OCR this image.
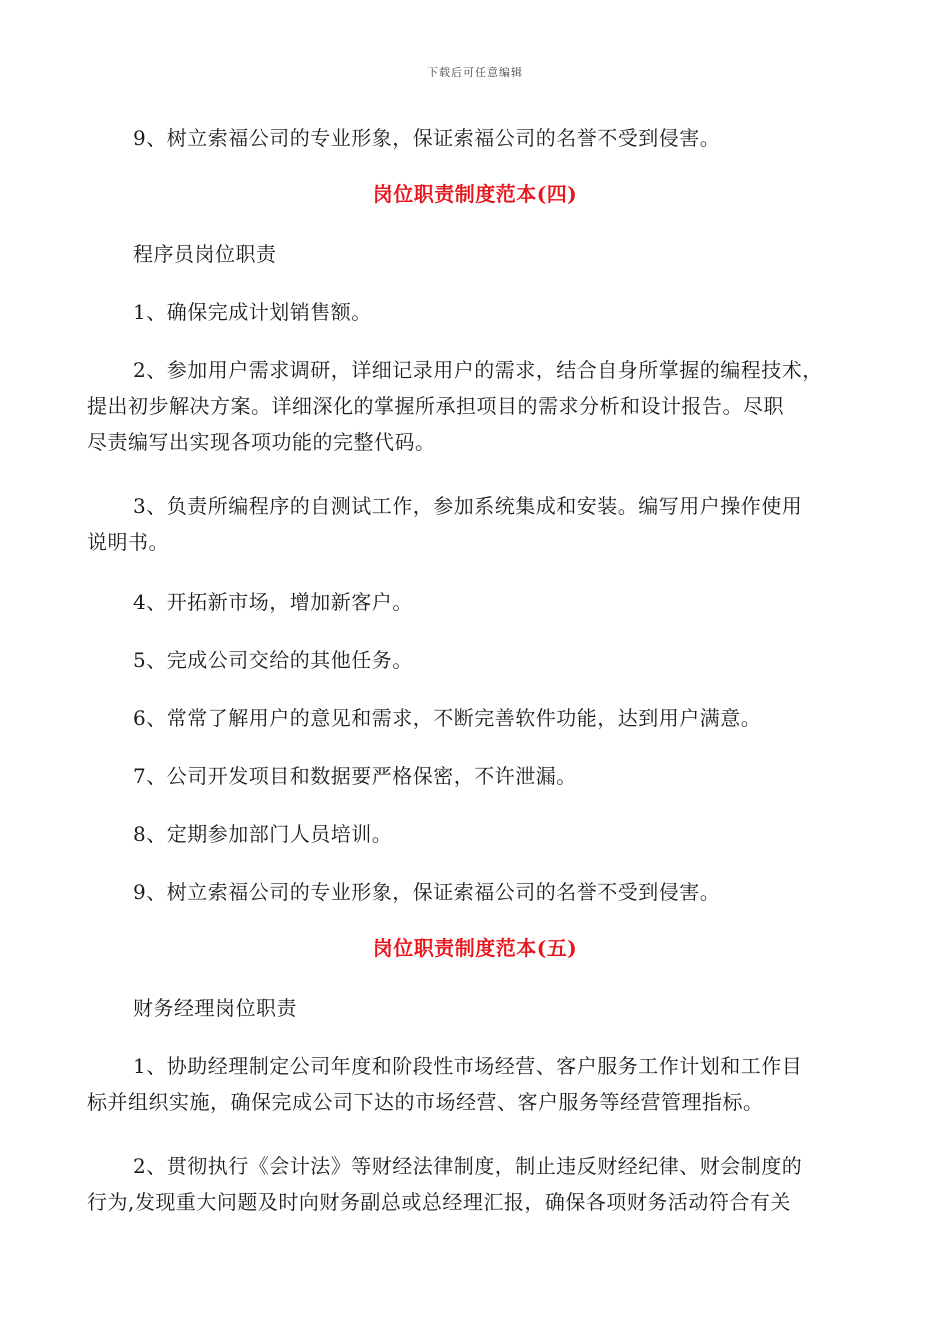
下载后可任意编辑
9、树立索福公司的专业形象，保证索福公司的名誉不受到侵害。
岗位职责制度范本(四)
程序员岗位职责
1、确保完成计划销售额。
2、参加用户需求调研，详细记录用户的需求，结合自身所掌握的编程技术，
提出初步解决方案。详细深化的掌握所承担项目的需求分析和设计报告。尽职
尽责编写出实现各项功能的完整代码。
3、负责所编程序的自测试工作，参加系统集成和安装。编写用户操作使用
说明书。
4、开拓新市场，增加新客户。
5、完成公司交给的其他任务。
6、常常了解用户的意见和需求，不断完善软件功能，达到用户满意。
7、公司开发项目和数据要严格保密，不许泄漏。
8、定期参加部门人员培训。
9、树立索福公司的专业形象，保证索福公司的名誉不受到侵害。
岗位职责制度范本(五)
财务经理岗位职责
1、协助经理制定公司年度和阶段性市场经营、客户服务工作计划和工作目
标并组织实施，确保完成公司下达的市场经营、客户服务等经营管理指标。
2、贯彻执行《会计法》等财经法律制度，制止违反财经纪律、财会制度的
行为,发现重大问题及时向财务副总或总经理汇报，确保各项财务活动符合有关
